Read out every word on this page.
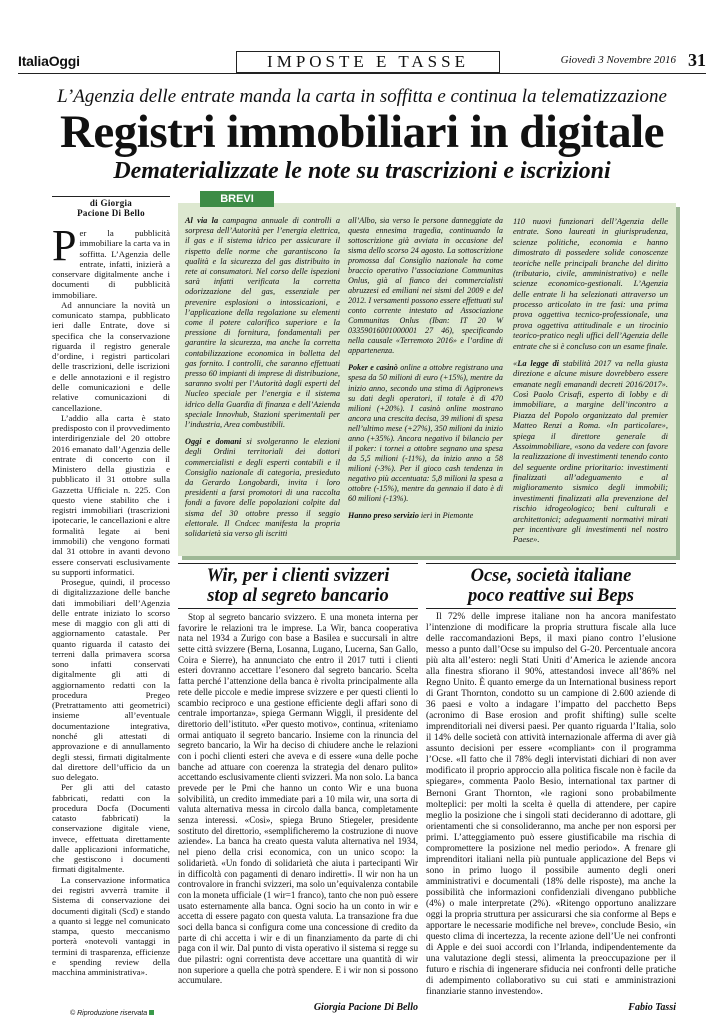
ItaliaOggi	IMPOSTE E TASSE	Giovedì 3 Novembre 2016 31
L’Agenzia delle entrate manda la carta in soffitta e continua la telematizzazione
Registri immobiliari in digitale
Dematerializzate le note su trascrizioni e iscrizioni
di Giorgia
Pacione Di Bello

Per la pubblicità immobiliare la carta va in soffitta. L’Agenzia delle entrate, infatti, inizierà a conservare digitalmente anche i documenti di pubblicità immobiliare.

Ad annunciare la novità un comunicato stampa, pubblicato ieri dalle Entrate, dove si specifica che la conservazione riguarda il registro generale d’ordine, i registri particolari delle trascrizioni, delle iscrizioni e delle annotazioni e il registro delle comunicazioni e delle relative comunicazioni di cancellazione.

L’addio alla carta è stato predisposto con il provvedimento interdirigenziale del 20 ottobre 2016 emanato dall’Agenzia delle entrate di concerto con il Ministero della giustizia e pubblicato il 31 ottobre sulla Gazzetta Ufficiale n. 225. Con questo viene stabilito che i registri immobiliari (trascrizioni ipotecarie, le cancellazioni e altre formalità legate ai beni immobili) che vengono formati dal 31 ottobre in avanti devono essere conservati esclusivamente su supporti informatici.

Prosegue, quindi, il processo di digitalizzazione delle banche dati immobiliari dell’Agenzia delle entrate iniziato lo scorso mese di maggio con gli atti di aggiornamento catastale. Per quanto riguarda il catasto dei terreni dalla primavera scorsa sono infatti conservati digitalmente gli atti di aggiornamento redatti con la procedura Pregeo (Pretrattamento atti geometrici) insieme all’eventuale documentazione integrativa, nonché gli attestati di approvazione e di annullamento degli stessi, firmati digitalmente dal direttore dell’ufficio da un suo delegato.

Per gli atti del catasto fabbricati, redatti con la procedura Docfa (Documenti catasto fabbricati) la conservazione digitale viene, invece, effettuata direttamente dalle applicazioni informatiche, che gestiscono i documenti firmati digitalmente.

La conservazione informatica dei registri avverrà tramite il Sistema di conservazione dei documenti digitali (Scd) e stando a quanto si legge nel comunicato stampa, questo meccanismo porterà «notevoli vantaggi in termini di trasparenza, efficienze e spending review della macchina amministrativa».

© Riproduzione riservata
BREVI

Al via la campagna annuale di controlli a sorpresa dell’Autorità per l’energia elettrica, il gas e il sistema idrico per assicurare il rispetto delle norme che garantiscono la qualità e la sicurezza del gas distribuito in rete ai consumatori. Nel corso delle ispezioni sarà infatti verificata la corretta odorizzazione del gas, essenziale per prevenire esplosioni o intossicazioni, e l’applicazione della regolazione su elementi come il potere calorifico superiore e la pressione di fornitura, fondamentali per garantire la sicurezza, ma anche la corretta contabilizzazione economica in bolletta del gas fornito. I controlli, che saranno effettuati presso 60 impianti di imprese di distribuzione, saranno svolti per l’Autorità dagli esperti del Nucleo speciale per l’energia e il sistema idrico della Guardia di finanza e dell’Azienda speciale Innovhub, Stazioni sperimentali per l’industria, Area combustibili.

Oggi e domani si svolgeranno le elezioni degli Ordini territoriali dei dottori commercialisti e degli esperti contabili e il Consiglio nazionale di categoria, presieduto da Gerardo Longobardi, invita i loro presidenti a farsi promotori di una raccolta fondi a favore delle popolazioni colpite dal sisma del 30 ottobre presso il seggio elettorale. Il Cndcec manifesta la propria solidarietà sia verso gli iscritti

all’Albo, sia verso le persone danneggiate da questa ennesima tragedia, continuando la sottoscrizione già avviata in occasione del sisma dello scorso 24 agosto. La sottoscrizione promossa dal Consiglio nazionale ha come braccio operativo l’associazione Communitas Onlus, già al fianco dei commercialisti abruzzesi ed emiliani nei sismi del 2009 e del 2012. I versamenti possono essere effettuati sul conto corrente intestato ad Associazione Communitas Onlus (Iban: IT 20 W 03359016001000001 27 46), specificando nella causale «Terremoto 2016» e l’ordine di appartenenza.

Poker e casinò online a ottobre registrano una spesa da 50 milioni di euro (+15%), mentre da inizio anno, secondo una stima di Agipronews su dati degli operatori, il totale è di 470 milioni (+20%). I casinò online mostrano ancora una crescita decisa, 39 milioni di spesa nell’ultimo mese (+27%), 350 milioni da inizio anno (+35%). Ancora negativo il bilancio per il poker: i tornei a ottobre segnano una spesa da 5,5 milioni (-11%), da inizio anno a 58 milioni (-3%). Per il gioco cash tendenza in negativo più accentuata: 5,8 milioni la spesa a ottobre (-15%), mentre da gennaio il dato è di 60 milioni (-13%).

Hanno preso servizio ieri in Piemonte

110 nuovi funzionari dell’Agenzia delle entrate. Sono laureati in giurisprudenza, scienze politiche, economia e hanno dimostrato di possedere solide conoscenze teoriche nelle principali branche del diritto (tributario, civile, amministrativo) e nelle scienze economico-gestionali. L’Agenzia delle entrate li ha selezionati attraverso un processo articolato in tre fasi: una prima prova oggettiva tecnico-professionale, una prova oggettiva attitudinale e un tirocinio teorico-pratico negli uffici dell’Agenzia delle entrate che si è concluso con un esame finale.

«La legge di stabilità 2017 va nella giusta direzione e alcune misure dovrebbero essere emanate negli emanandi decreti 2016/2017». Così Paolo Crisafi, esperto di lobby e di immobiliare, a margine dell’incontro a Piazza del Popolo organizzato dal premier Matteo Renzi a Roma. «In particolare», spiega il direttore generale di Assoimmobiliare, «sono da vedere con favore la realizzazione di investimenti tenendo conto del seguente ordine prioritario: investimenti finalizzati all’adeguamento e al miglioramento sismico degli immobili; investimenti finalizzati alla prevenzione del rischio idrogeologico; beni culturali e architettonici; adeguamenti normativi mirati per incentivare gli investimenti nel nostro Paese».

Wir, per i clienti svizzeri
stop al segreto bancario

Stop al segreto bancario svizzero. E una moneta interna per favorire le relazioni tra le imprese. La Wir, banca cooperativa nata nel 1934 a Zurigo con base a Basilea e succursali in altre sette città svizzere (Berna, Losanna, Lugano, Lucerna, San Gallo, Coira e Sierre), ha annunciato che entro il 2017 tutti i clienti esteri dovranno accettare l’esonero dal segreto bancario. Scelta fatta perché l’attenzione della banca è rivolta principalmente alla rete delle piccole e medie imprese svizzere e per questi clienti lo scambio reciproco e una gestione efficiente degli affari sono di centrale importanza», spiega Germann Wiggli, il presidente del direttorio dell’istituto. «Per questo motivo», continua, «riteniamo ormai antiquato il segreto bancario. Insieme con la rinuncia del segreto bancario, la Wir ha deciso di chiudere anche le relazioni con i pochi clienti esteri che aveva e di essere «una delle poche banche ad attuare con coerenza la strategia del denaro pulito» accettando esclusivamente clienti svizzeri. Ma non solo. La banca prevede per le Pmi che hanno un conto Wir e una buona solvibilità, un credito immediate pari a 10 mila wir, una sorta di valuta alternativa messa in circolo dalla banca, completamente senza interessi. «Così», spiega Bruno Stiegeler, presidente sostituto del direttorio, «semplificheremo la costruzione di nuove aziende». La banca ha creato questa valuta alternativa nel 1934, nel pieno della crisi economica, con un unico scopo: la solidarietà. «Un fondo di solidarietà che aiuta i partecipanti Wir in difficoltà con pagamenti di denaro indiretti». Il wir non ha un controvalore in franchi svizzeri, ma solo un’equivalenza contabile con la moneta ufficiale (1 wir=1 franco), tanto che non può essere usato esternamente alla banca. Ogni socio ha un conto in wir e accetta di essere pagato con questa valuta. La transazione fra due soci della banca si configura come una concessione di credito da parte di chi accetta i wir e di un finanziamento da parte di chi paga con il wir. Dal punto di vista operativo il sistema si regge su due pilastri: ogni correntista deve accettare una quantità di wir non superiore a quella che potrà spendere. E i wir non si possono accumulare.

Giorgia Pacione Di Bello
Ocse, società italiane
poco reattive sui Beps

Il 72% delle imprese italiane non ha ancora manifestato l’intenzione di modificare la propria struttura fiscale alla luce delle raccomandazioni Beps, il maxi piano contro l’elusione messo a punto dall’Ocse su impulso del G-20. Percentuale ancora più alta all’estero: negli Stati Uniti d’America le aziende ancora alla finestra sfiorano il 90%, attestandosi invece all’86% nel Regno Unito. È quanto emerge da un International business report di Grant Thornton, condotto su un campione di 2.600 aziende di 36 paesi e volto a indagare l’impatto del pacchetto Beps (acronimo di Base erosion and profit shifting) sulle scelte imprenditoriali nei diversi paesi. Per quanto riguarda l’Italia, solo il 14% delle società con attività internazionale afferma di aver già assunto decisioni per essere «compliant» con il programma l’Ocse. «Il fatto che il 78% degli intervistati dichiari di non aver modificato il proprio approccio alla politica fiscale non è facile da spiegare», commenta Paolo Besio, international tax partner di Bernoni Grant Thornton, «le ragioni sono probabilmente molteplici: per molti la scelta è quella di attendere, per capire meglio la posizione che i singoli stati decideranno di adottare, gli orientamenti che si consolideranno, ma anche per non esporsi per primi. L’atteggiamento può essere giustificabile ma rischia di compromettere la posizione nel medio periodo». A frenare gli imprenditori italiani nella più puntuale applicazione del Beps vi sono in primo luogo il possibile aumento degli oneri amministrativi e documentali (18% delle risposte), ma anche la possibilità che informazioni confidenziali divengano pubbliche (4%) o male interpretate (2%). «Ritengo opportuno analizzare oggi la propria struttura per assicurarsi che sia conforme al Beps e apportare le necessarie modifiche nel breve», conclude Besio, «in questo clima di incertezza, la recente azione dell’Ue nei confronti di Apple e dei suoi accordi con l’Irlanda, indipendentemente da una valutazione degli stessi, alimenta la preoccupazione per il futuro e rischia di ingenerare sfiducia nei confronti delle pratiche di adempimento collaborativo su cui stati e amministrazioni finanziarie stanno investendo».

Fabio Tassi
